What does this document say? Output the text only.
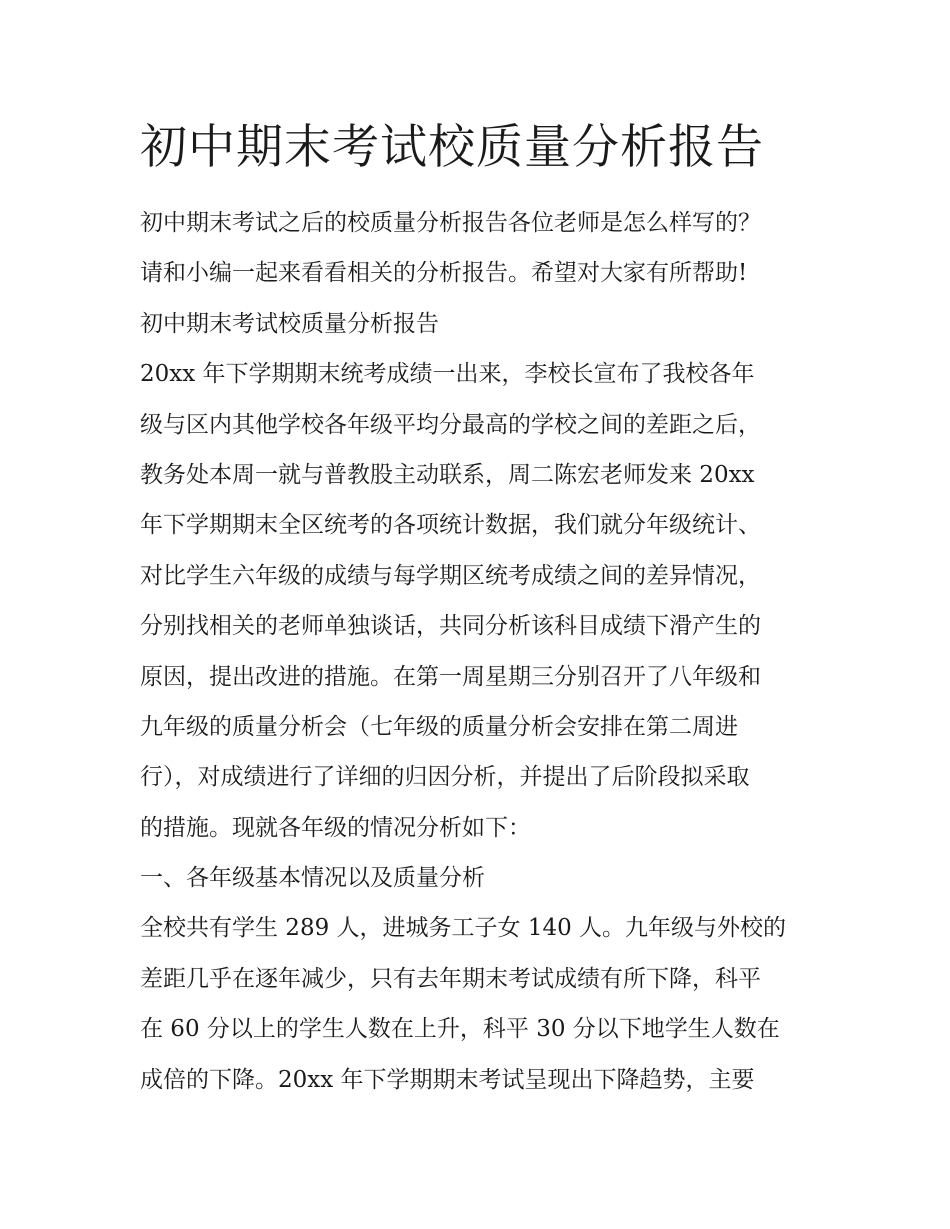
初中期末考试校质量分析报告
初中期末考试之后的校质量分析报告各位老师是怎么样写的？
请和小编一起来看看相关的分析报告。希望对大家有所帮助!
初中期末考试校质量分析报告
20xx 年下学期期末统考成绩一出来，李校长宣布了我校各年
级与区内其他学校各年级平均分最高的学校之间的差距之后，
教务处本周一就与普教股主动联系，周二陈宏老师发来 20xx
年下学期期末全区统考的各项统计数据，我们就分年级统计、
对比学生六年级的成绩与每学期区统考成绩之间的差异情况，
分别找相关的老师单独谈话，共同分析该科目成绩下滑产生的
原因，提出改进的措施。在第一周星期三分别召开了八年级和
九年级的质量分析会（七年级的质量分析会安排在第二周进
行），对成绩进行了详细的归因分析，并提出了后阶段拟采取
的措施。现就各年级的情况分析如下：
一、各年级基本情况以及质量分析
全校共有学生 289 人，进城务工子女 140 人。九年级与外校的
差距几乎在逐年减少，只有去年期末考试成绩有所下降，科平
在 60 分以上的学生人数在上升，科平 30 分以下地学生人数在
成倍的下降。20xx 年下学期期末考试呈现出下降趋势，主要
